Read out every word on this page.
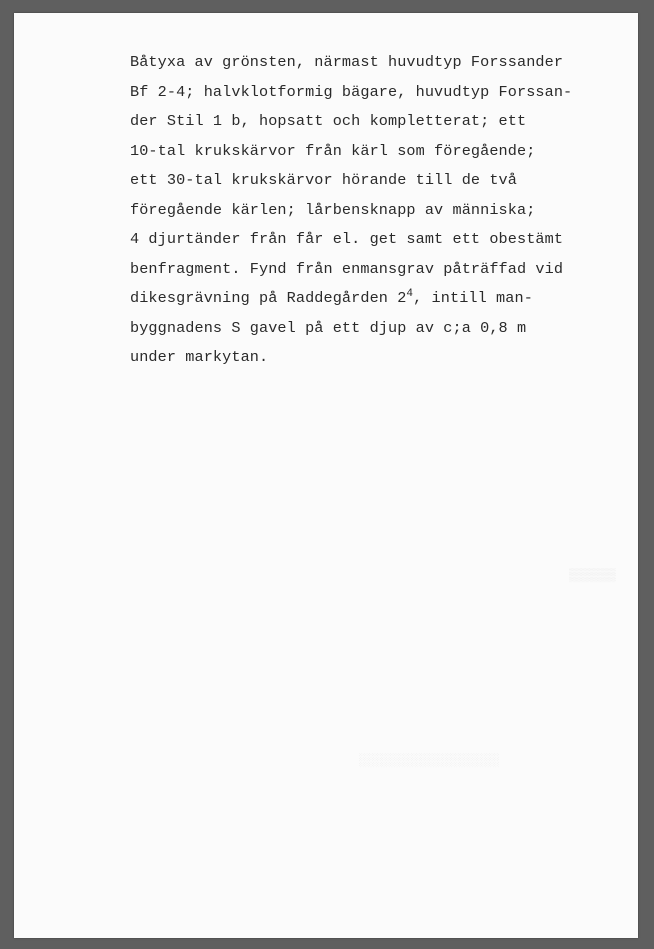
▒▒▒▒▒▒
░░░░░░░░░░░░░░░░░░
Båtyxa av grönsten, närmast huvudtyp Forssander
Bf 2-4; halvklotformig bägare, huvudtyp Forssan-
der Stil 1 b, hopsatt och kompletterat; ett
10-tal krukskärvor från kärl som föregående;
ett 30-tal krukskärvor hörande till de två
föregående kärlen; lårbensknapp av människa;
4 djurtänder från får el. get samt ett obestämt
benfragment. Fynd från enmansgrav påträffad vid
dikesgrävning på Raddegården $2^4$, intill man-
byggnadens S gavel på ett djup av c;a 0,8 m
under markytan.
